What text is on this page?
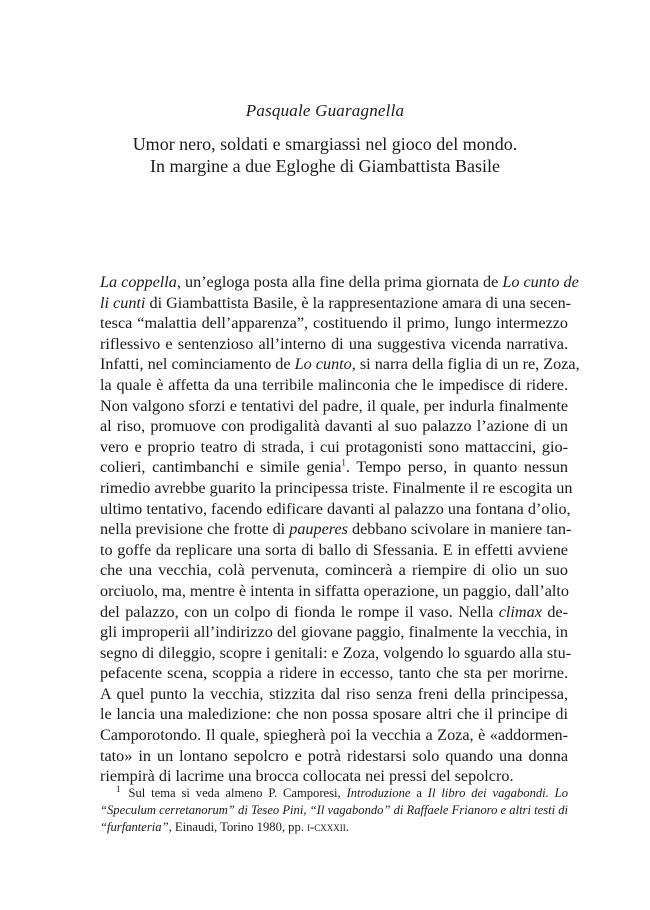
Pasquale Guaragnella
Umor nero, soldati e smargiassi nel gioco del mondo.
In margine a due Egloghe di Giambattista Basile
La coppella, un’egloga posta alla fine della prima giornata de Lo cunto de
li cunti di Giambattista Basile, è la rappresentazione amara di una secen-
tesca “malattia dell’apparenza”, costituendo il primo, lungo intermezzo
riflessivo e sentenzioso all’interno di una suggestiva vicenda narrativa.
Infatti, nel cominciamento de Lo cunto, si narra della figlia di un re, Zoza,
la quale è affetta da una terribile malinconia che le impedisce di ridere.
Non valgono sforzi e tentativi del padre, il quale, per indurla finalmente
al riso, promuove con prodigalità davanti al suo palazzo l’azione di un
vero e proprio teatro di strada, i cui protagonisti sono mattaccini, gio-
colieri, cantimbanchi e simile genia$^1$. Tempo perso, in quanto nessun
rimedio avrebbe guarito la principessa triste. Finalmente il re escogita un
ultimo tentativo, facendo edificare davanti al palazzo una fontana d’olio,
nella previsione che frotte di pauperes debbano scivolare in maniere tan-
to goffe da replicare una sorta di ballo di Sfessania. E in effetti avviene
che una vecchia, colà pervenuta, comincerà a riempire di olio un suo
orciuolo, ma, mentre è intenta in siffatta operazione, un paggio, dall’alto
del palazzo, con un colpo di fionda le rompe il vaso. Nella climax de-
gli improperii all’indirizzo del giovane paggio, finalmente la vecchia, in
segno di dileggio, scopre i genitali: e Zoza, volgendo lo sguardo alla stu-
pefacente scena, scoppia a ridere in eccesso, tanto che sta per morirne.
A quel punto la vecchia, stizzita dal riso senza freni della principessa,
le lancia una maledizione: che non possa sposare altri che il principe di
Camporotondo. Il quale, spiegherà poi la vecchia a Zoza, è «addormen-
tato» in un lontano sepolcro e potrà ridestarsi solo quando una donna
riempirà di lacrime una brocca collocata nei pressi del sepolcro.
$^1$ Sul tema si veda almeno P. Camporesi, Introduzione a Il libro dei vagabondi. Lo
“Speculum cerretanorum” di Teseo Pini, “Il vagabondo” di Raffaele Frianoro e altri testi di
“furfanteria”, Einaudi, Torino 1980, pp. i-cxxxii.
